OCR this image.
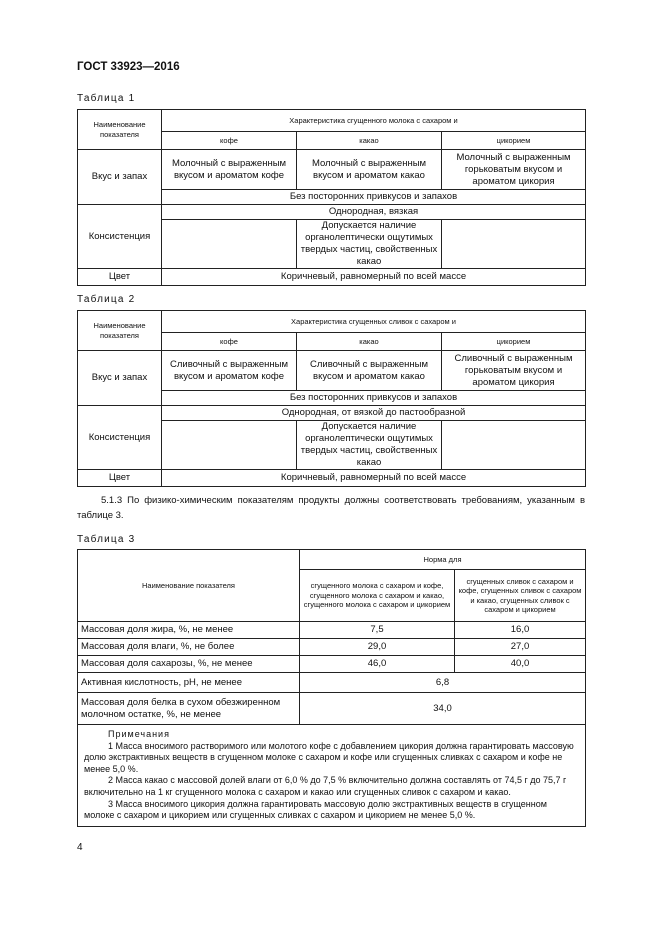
ГОСТ 33923—2016
Таблица 1
Наименование показателя	Характеристика сгущенного молока с сахаром и		
	кофе	какао	цикорием
Вкус и запах	Молочный с выраженным вкусом и ароматом кофе	Молочный с выраженным вкусом и ароматом какао	Молочный с выраженным горьковатым вкусом и ароматом цикория
	Без посторонних привкусов и запахов		
Консистенция	Однородная, вязкая		
		Допускается наличие органолептически ощутимых твердых частиц, свойственных какао	
Цвет	Коричневый, равномерный по всей массе		
Таблица 2
Наименование показателя	Характеристика сгущенных сливок с сахаром и		
	кофе	какао	цикорием
Вкус и запах	Сливочный с выраженным вкусом и ароматом кофе	Сливочный с выраженным вкусом и ароматом какао	Сливочный с выраженным горьковатым вкусом и ароматом цикория
	Без посторонних привкусов и запахов		
Консистенция	Однородная, от вязкой до пастообразной		
		Допускается наличие органолептически ощутимых твердых частиц, свойственных какао	
Цвет	Коричневый, равномерный по всей массе		
5.1.3 По физико-химическим показателям продукты должны соответствовать требованиям, указанным в таблице 3.
Таблица 3
Наименование показателя	Норма для	
	сгущенного молока с сахаром и кофе, сгущенного молока с сахаром и какао, сгущенного молока с сахаром и цикорием	сгущенных сливок с сахаром и кофе, сгущенных сливок с сахаром и какао, сгущенных сливок с сахаром и цикорием
Массовая доля жира, %, не менее	7,5	16,0
Массовая доля влаги, %, не более	29,0	27,0
Массовая доля сахарозы, %, не менее	46,0	40,0
Активная кислотность, pH, не менее	6,8	
Массовая доля белка в сухом обезжиренном молочном остатке, %, не менее	34,0	

Примечания

1 Масса вносимого растворимого или молотого кофе с добавлением цикория должна гарантировать массовую долю экстрактивных веществ в сгущенном молоке с сахаром и кофе или сгущенных сливках с сахаром и кофе не менее 5,0 %.

2 Масса какао с массовой долей влаги от 6,0 % до 7,5 % включительно должна составлять от 74,5 г до 75,7 г включительно на 1 кг сгущенного молока с сахаром и какао или сгущенных сливок с сахаром и какао.

3 Масса вносимого цикория должна гарантировать массовую долю экстрактивных веществ в сгущенном молоке с сахаром и цикорием или сгущенных сливках с сахаром и цикорием не менее 5,0 %.		

4
